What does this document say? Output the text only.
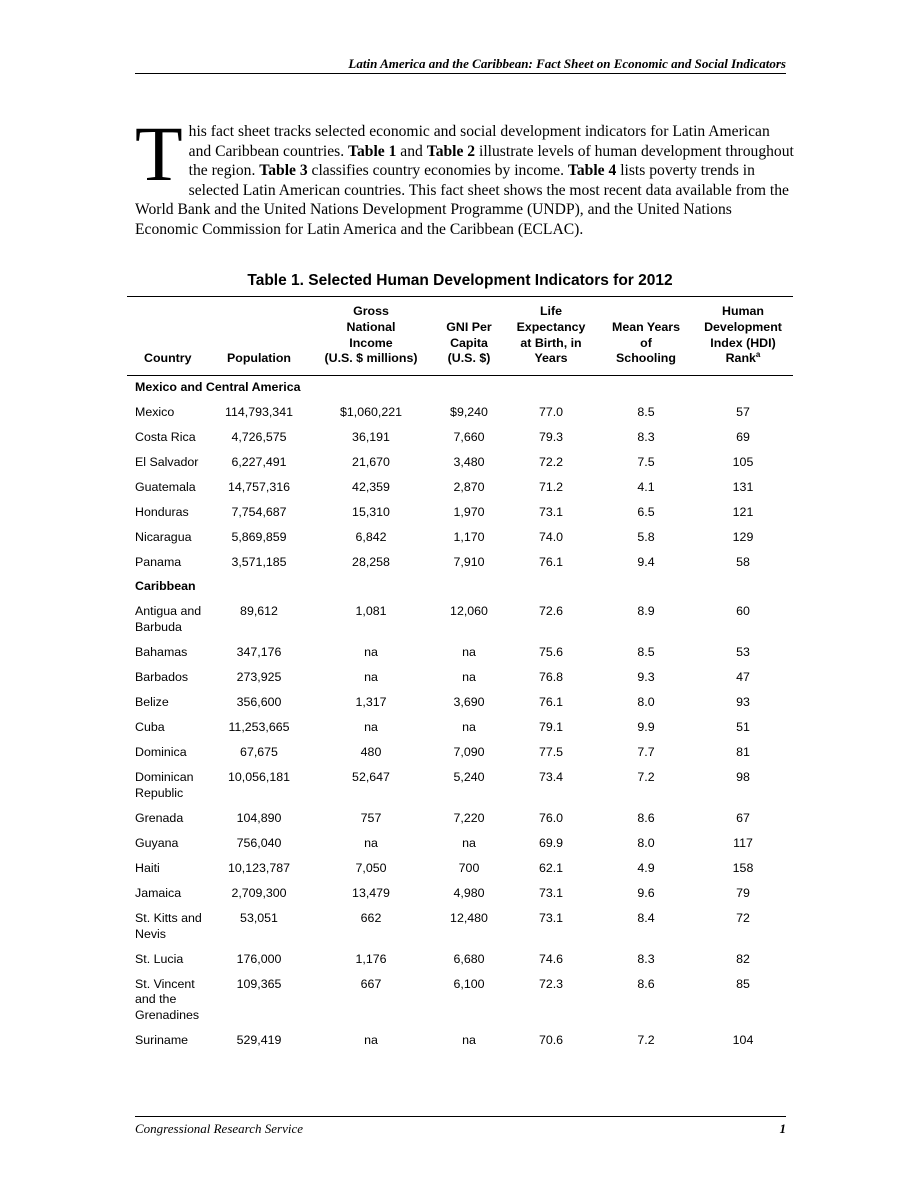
Latin America and the Caribbean: Fact Sheet on Economic and Social Indicators
This fact sheet tracks selected economic and social development indicators for Latin American and Caribbean countries. Table 1 and Table 2 illustrate levels of human development throughout the region. Table 3 classifies country economies by income. Table 4 lists poverty trends in selected Latin American countries. This fact sheet shows the most recent data available from the World Bank and the United Nations Development Programme (UNDP), and the United Nations Economic Commission for Latin America and the Caribbean (ECLAC).
Table 1. Selected Human Development Indicators for 2012
Country	Population	Gross
National
Income
(U.S. $ millions)	GNI Per
Capita
(U.S. $)	Life
Expectancy
at Birth, in
Years	Mean Years
of
Schooling	Human
Development
Index (HDI)
Rank$^a$
Mexico and Central America						
Mexico	114,793,341	$1,060,221	$9,240	77.0	8.5	57
Costa Rica	4,726,575	36,191	7,660	79.3	8.3	69
El Salvador	6,227,491	21,670	3,480	72.2	7.5	105
Guatemala	14,757,316	42,359	2,870	71.2	4.1	131
Honduras	7,754,687	15,310	1,970	73.1	6.5	121
Nicaragua	5,869,859	6,842	1,170	74.0	5.8	129
Panama	3,571,185	28,258	7,910	76.1	9.4	58
Caribbean						
Antigua and Barbuda	89,612	1,081	12,060	72.6	8.9	60
Bahamas	347,176	na	na	75.6	8.5	53
Barbados	273,925	na	na	76.8	9.3	47
Belize	356,600	1,317	3,690	76.1	8.0	93
Cuba	11,253,665	na	na	79.1	9.9	51
Dominica	67,675	480	7,090	77.5	7.7	81
Dominican Republic	10,056,181	52,647	5,240	73.4	7.2	98
Grenada	104,890	757	7,220	76.0	8.6	67
Guyana	756,040	na	na	69.9	8.0	117
Haiti	10,123,787	7,050	700	62.1	4.9	158
Jamaica	2,709,300	13,479	4,980	73.1	9.6	79
St. Kitts and Nevis	53,051	662	12,480	73.1	8.4	72
St. Lucia	176,000	1,176	6,680	74.6	8.3	82
St. Vincent and the Grenadines	109,365	667	6,100	72.3	8.6	85
Suriname	529,419	na	na	70.6	7.2	104
Congressional Research Service	1
